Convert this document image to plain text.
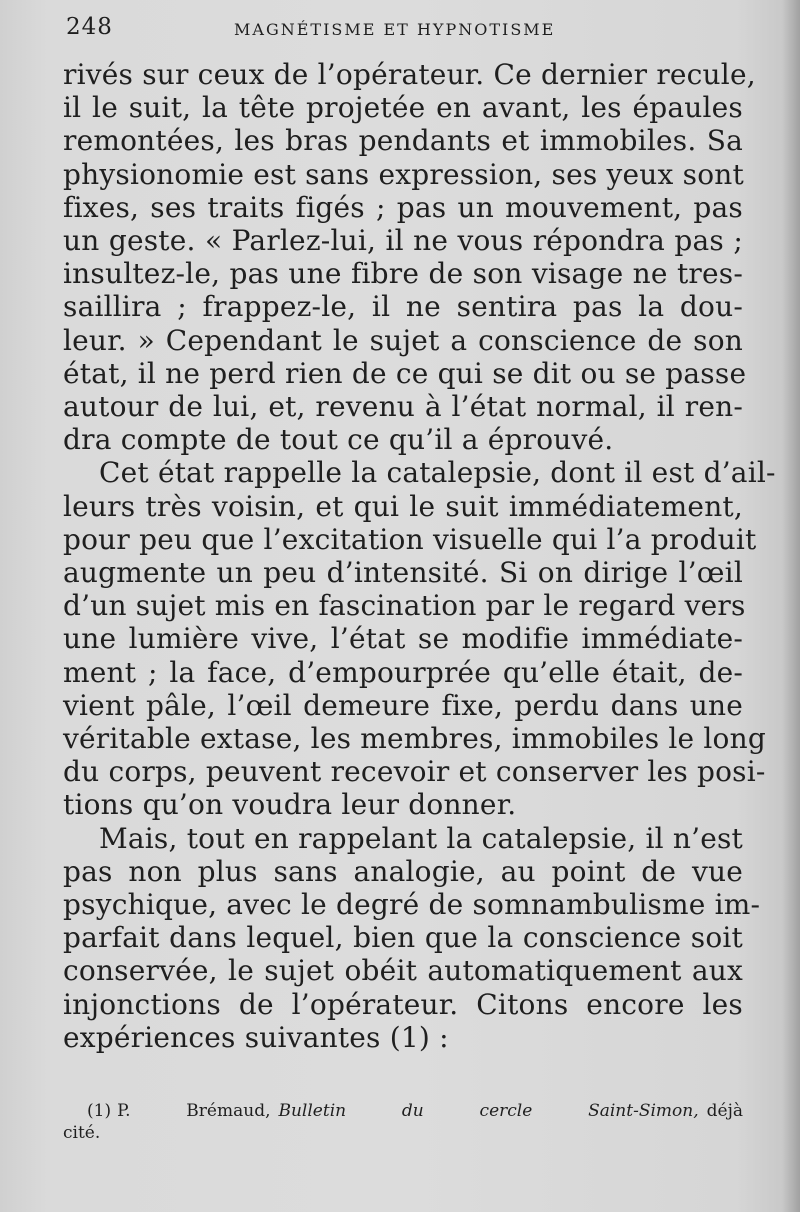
248	MAGNÉTISME ET HYPNOTISME
rivés sur ceux de l’opérateur. Ce dernier recule,
il le suit, la tête projetée en avant, les épaules
remontées, les bras pendants et immobiles. Sa
physionomie est sans expression, ses yeux sont
fixes, ses traits figés ; pas un mouvement, pas
un geste. « Parlez-lui, il ne vous répondra pas ;
insultez-le, pas une fibre de son visage ne tres-
saillira ; frappez-le, il ne sentira pas la dou-
leur. » Cependant le sujet a conscience de son
état, il ne perd rien de ce qui se dit ou se passe
autour de lui, et, revenu à l’état normal, il ren-
dra compte de tout ce qu’il a éprouvé.
Cet état rappelle la catalepsie, dont il est d’ail-
leurs très voisin, et qui le suit immédiatement,
pour peu que l’excitation visuelle qui l’a produit
augmente un peu d’intensité. Si on dirige l’œil
d’un sujet mis en fascination par le regard vers
une lumière vive, l’état se modifie immédiate-
ment ; la face, d’empourprée qu’elle était, de-
vient pâle, l’œil demeure fixe, perdu dans une
véritable extase, les membres, immobiles le long
du corps, peuvent recevoir et conserver les posi-
tions qu’on voudra leur donner.
Mais, tout en rappelant la catalepsie, il n’est
pas non plus sans analogie, au point de vue
psychique, avec le degré de somnambulisme im-
parfait dans lequel, bien que la conscience soit
conservée, le sujet obéit automatiquement aux
injonctions de l’opérateur. Citons encore les
expériences suivantes (1) :
(1) P. Brémaud, Bulletin du cercle Saint-Simon, déjà
cité.
